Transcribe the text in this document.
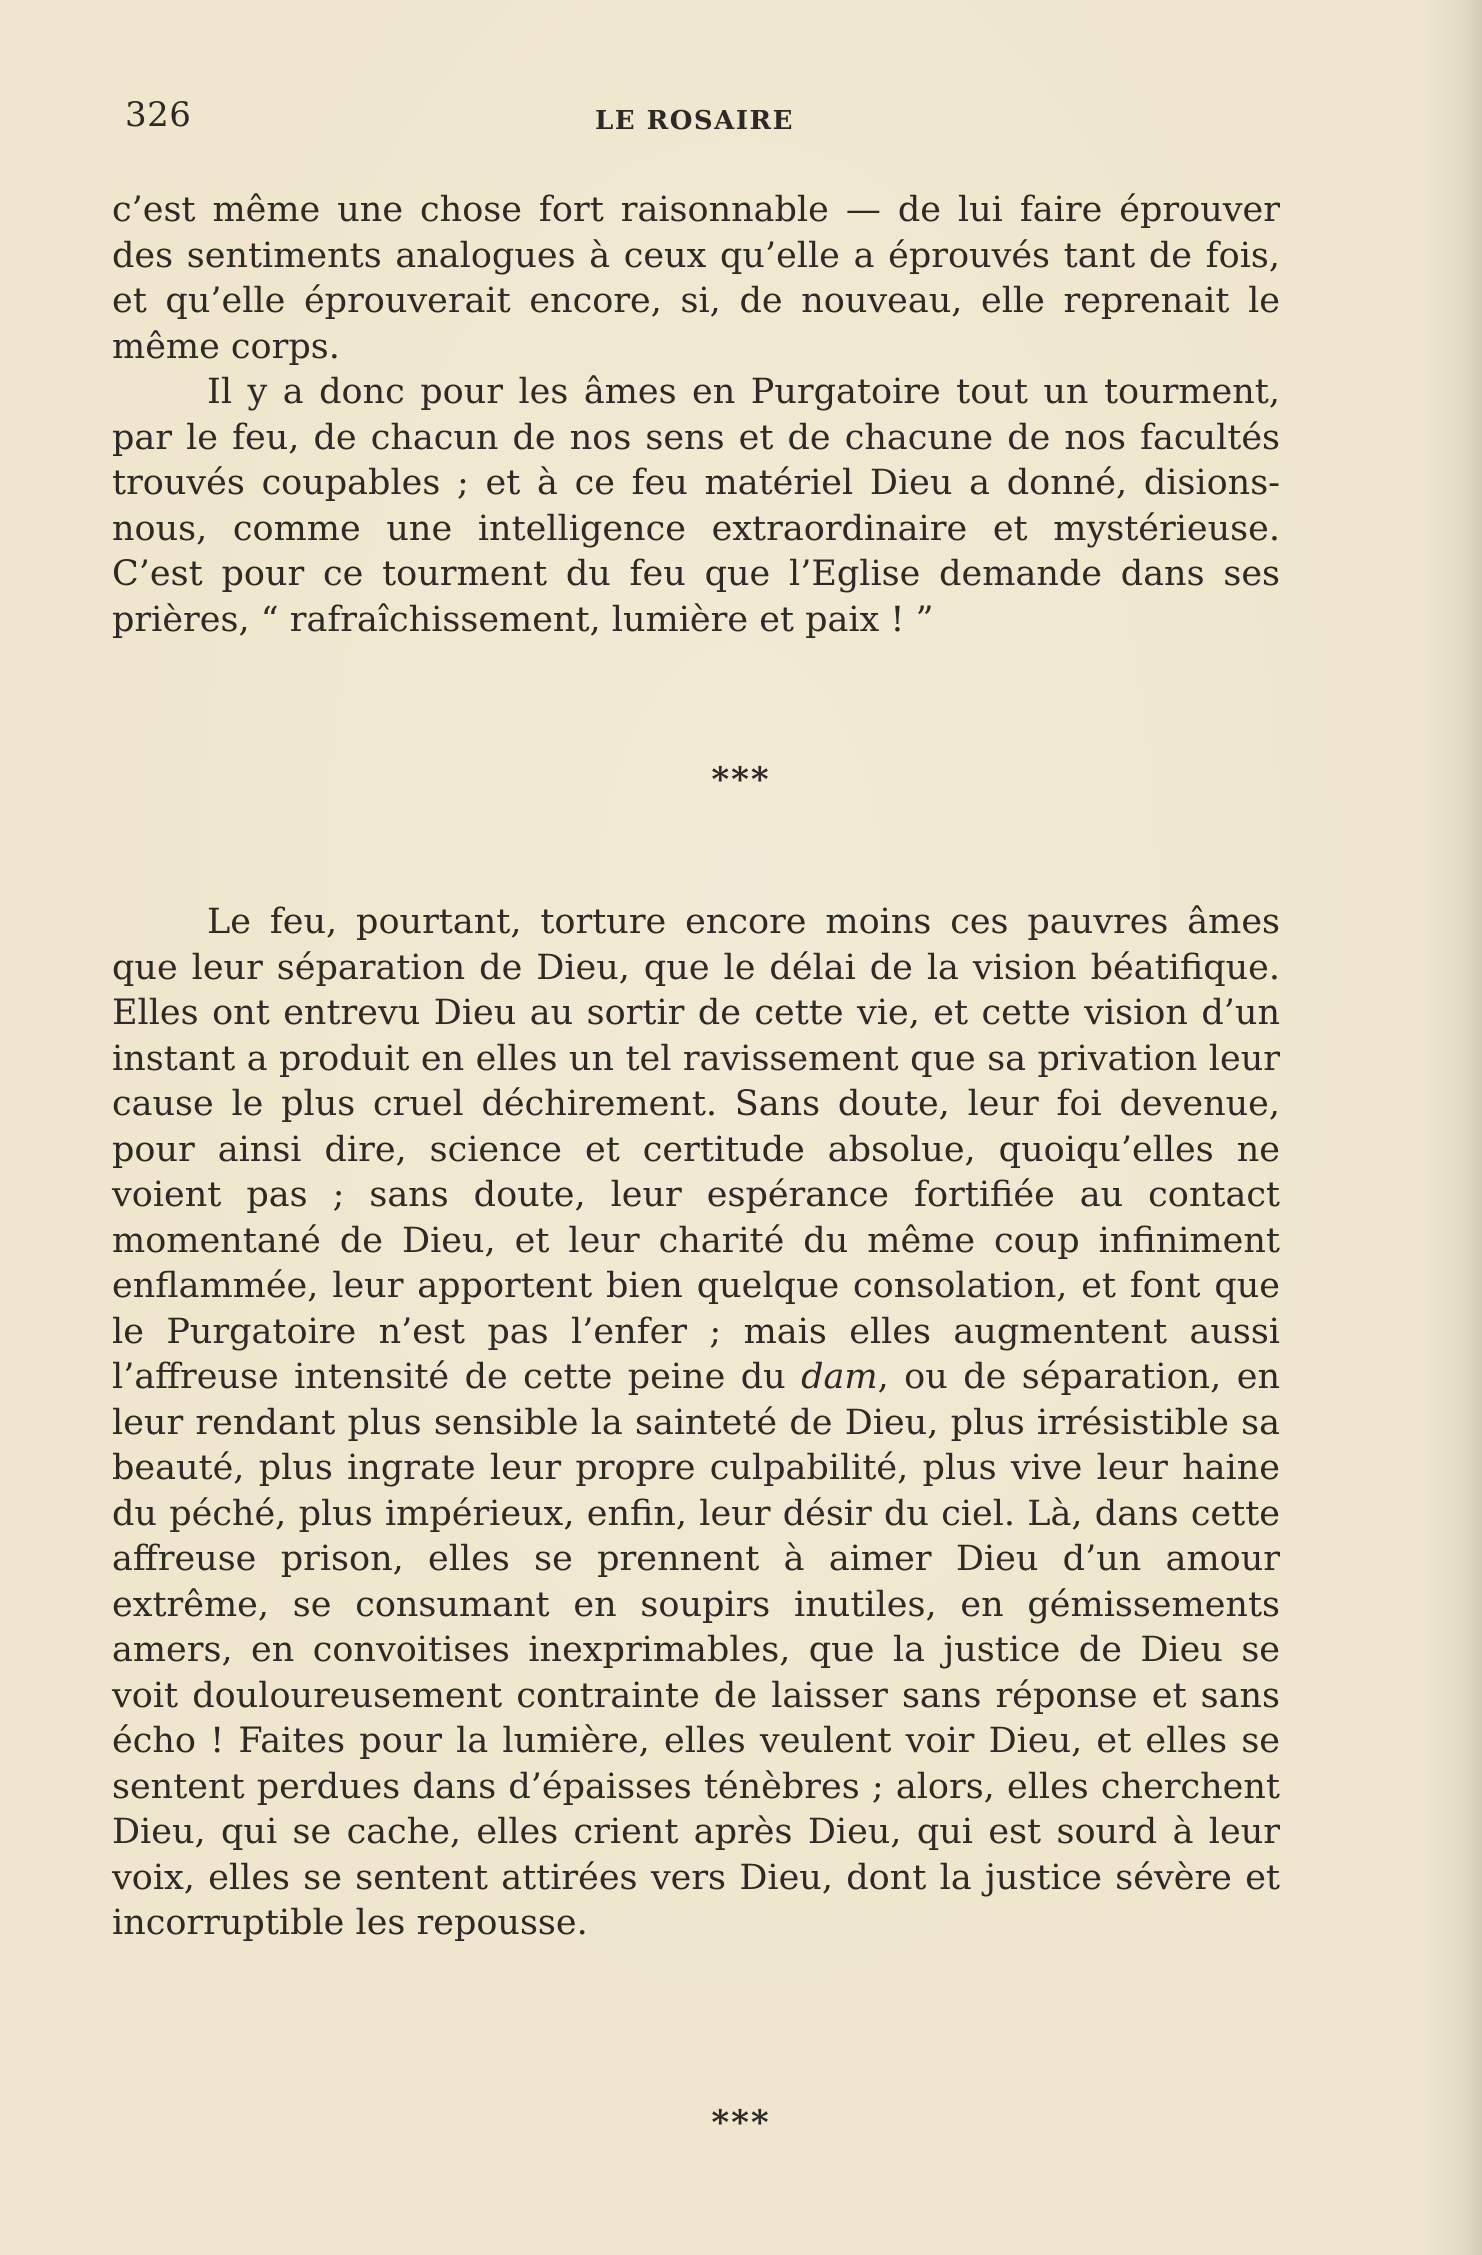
326	LE ROSAIRE

c’est même une chose fort raisonnable — de lui faire éprouver des sentiments analogues à ceux qu’elle a éprouvés tant de fois, et qu’elle éprouverait encore, si, de nouveau, elle reprenait le même corps.

Il y a donc pour les âmes en Purgatoire tout un tourment, par le feu, de chacun de nos sens et de chacune de nos facultés trouvés coupables ; et à ce feu matériel Dieu a donné, disions-nous, comme une intelligence extraordinaire et mystérieuse. C’est pour ce tourment du feu que l’Eglise demande dans ses prières, “ rafraîchissement, lumière et paix ! ”

***

Le feu, pourtant, torture encore moins ces pauvres âmes que leur séparation de Dieu, que le délai de la vision béatifique. Elles ont entrevu Dieu au sortir de cette vie, et cette vision d’un instant a produit en elles un tel ravissement que sa privation leur cause le plus cruel déchirement. Sans doute, leur foi devenue, pour ainsi dire, science et certitude absolue, quoiqu’elles ne voient pas ; sans doute, leur espérance fortifiée au contact momentané de Dieu, et leur charité du même coup infiniment enflammée, leur apportent bien quelque consolation, et font que le Purgatoire n’est pas l’enfer ; mais elles augmentent aussi l’affreuse intensité de cette peine du dam, ou de séparation, en leur rendant plus sensible la sainteté de Dieu, plus irrésistible sa beauté, plus ingrate leur propre culpabilité, plus vive leur haine du péché, plus impérieux, enfin, leur désir du ciel. Là, dans cette affreuse prison, elles se prennent à aimer Dieu d’un amour extrême, se consumant en soupirs inutiles, en gémissements amers, en convoitises inexprimables, que la justice de Dieu se voit douloureusement contrainte de laisser sans réponse et sans écho ! Faites pour la lumière, elles veulent voir Dieu, et elles se sentent perdues dans d’épaisses ténèbres ; alors, elles cherchent Dieu, qui se cache, elles crient après Dieu, qui est sourd à leur voix, elles se sentent attirées vers Dieu, dont la justice sévère et incorruptible les repousse.

***
